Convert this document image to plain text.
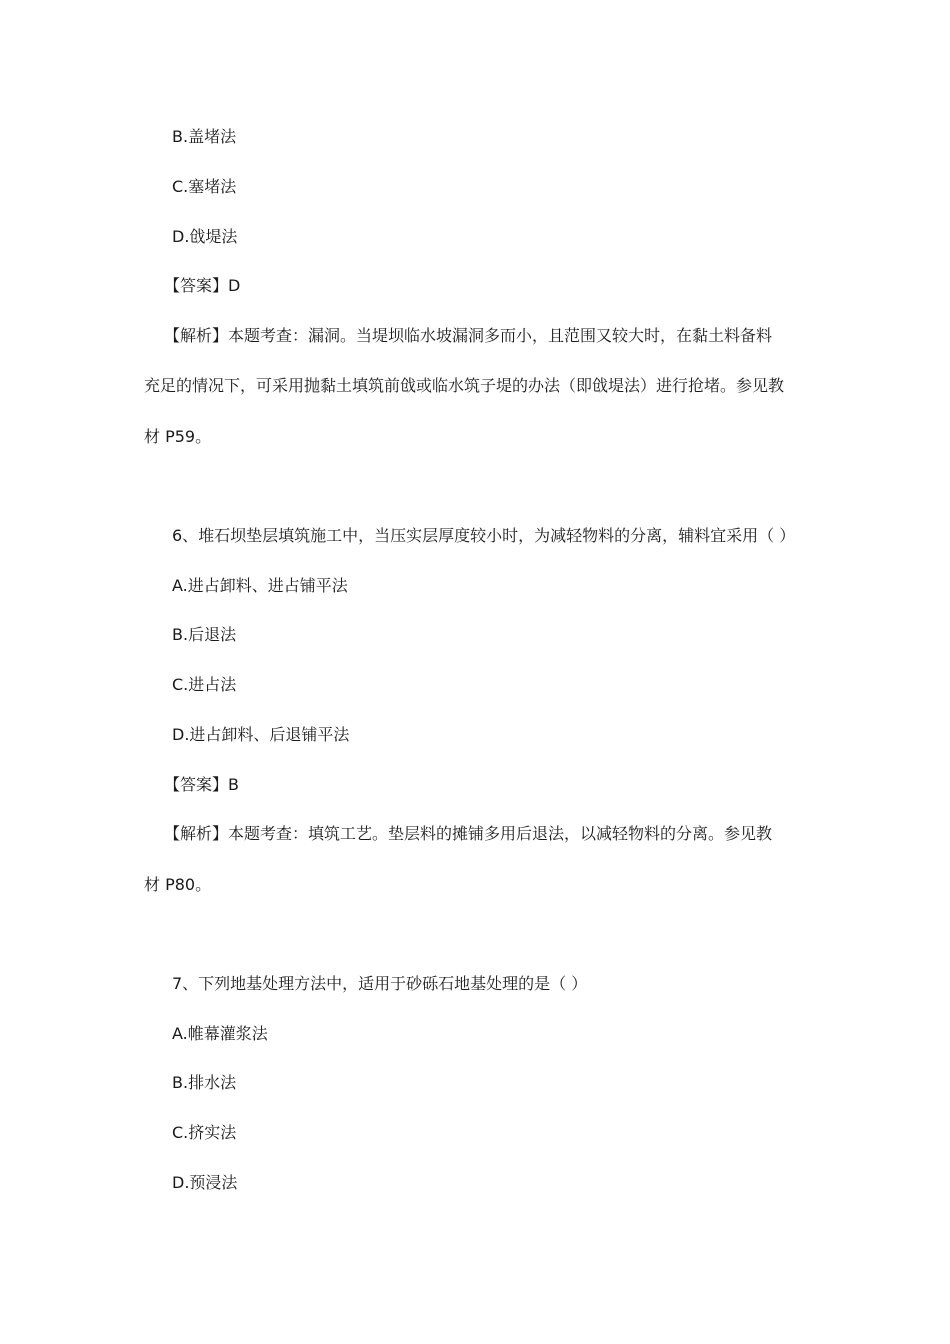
B.盖堵法
C.塞堵法
D.戗堤法
【答案】D
【解析】本题考查：漏洞。当堤坝临水坡漏洞多而小，且范围又较大时，在黏土料备料
充足的情况下，可采用抛黏土填筑前戗或临水筑子堤的办法（即戗堤法）进行抢堵。参见教
材 P59。
6、堆石坝垫层填筑施工中，当压实层厚度较小时，为减轻物料的分离，辅料宜采用（ ）
A.进占卸料、进占铺平法
B.后退法
C.进占法
D.进占卸料、后退铺平法
【答案】B
【解析】本题考查：填筑工艺。垫层料的摊铺多用后退法，以减轻物料的分离。参见教
材 P80。
7、下列地基处理方法中，适用于砂砾石地基处理的是（ ）
A.帷幕灌浆法
B.排水法
C.挤实法
D.预浸法
